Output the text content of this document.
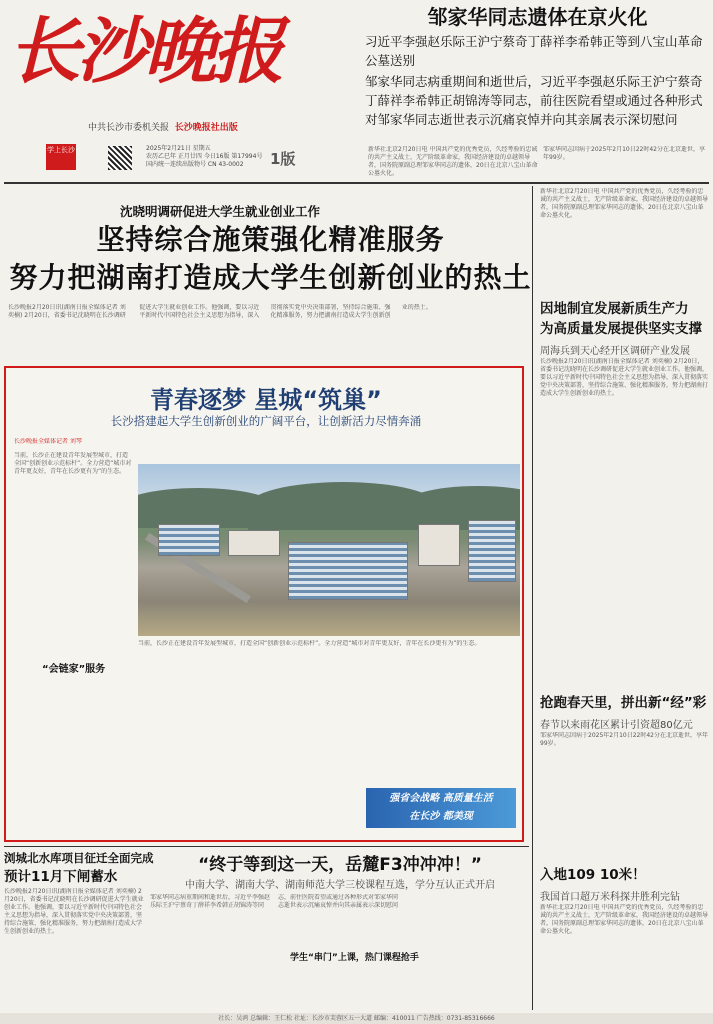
长沙晚报
中共长沙市委机关报 长沙晚报社出版
学上长沙	2025年2月21日 星期五
农历乙巳年 正月廿四 今日16版 第17994号
国内统一连续出版物号 CN 43-0002	1版
邹家华同志遗体在京火化
习近平李强赵乐际王沪宁蔡奇丁薛祥李希韩正等到八宝山革命公墓送别
邹家华同志病重期间和逝世后，习近平李强赵乐际王沪宁蔡奇丁薛祥李希韩正胡锦涛等同志，前往医院看望或通过各种形式对邹家华同志逝世表示沉痛哀悼并向其亲属表示深切慰问
新华社北京2月20日电 中国共产党的优秀党员，久经考验的忠诚的共产主义战士，无产阶级革命家，我国经济建设的卓越领导者，国务院原副总理邹家华同志的遗体，20日在北京八宝山革命公墓火化。
邹家华同志因病于2025年2月10日22时42分在北京逝世，享年99岁。
沈晓明调研促进大学生就业创业工作
坚持综合施策强化精准服务
努力把湖南打造成大学生创新创业的热土
长沙晚报2月20日讯(湖南日报全媒体记者 刘奕楠) 2月20日，省委书记沈晓明在长沙调研促进大学生就业创业工作。他强调，要以习近平新时代中国特色社会主义思想为指导，深入贯彻落实党中央决策部署，坚持综合施策、强化精准服务，努力把湖南打造成大学生创新创业的热土。
青春逐梦 星城“筑巢”
长沙搭建起大学生创新创业的广阔平台，让创新活力尽情奔涌
长沙晚报全媒体记者 刘琴
当前，长沙正在建设青年发展型城市，打造全国“创新创业示范标杆”。全力营造“城市对青年更友好，青年在长沙更有为”的生态。
“会链家”服务
当前，长沙正在建设青年发展型城市，打造全国“创新创业示范标杆”。全力营造“城市对青年更友好，青年在长沙更有为”的生态。
强省会战略 高质量生活
在长沙 都美现
新华社北京2月20日电 中国共产党的优秀党员，久经考验的忠诚的共产主义战士，无产阶级革命家，我国经济建设的卓越领导者，国务院原副总理邹家华同志的遗体，20日在北京八宝山革命公墓火化。
因地制宜发展新质生产力
为高质量发展提供坚实支撑
周海兵到天心经开区调研产业发展
长沙晚报2月20日讯(湖南日报全媒体记者 刘奕楠) 2月20日，省委书记沈晓明在长沙调研促进大学生就业创业工作。他强调，要以习近平新时代中国特色社会主义思想为指导，深入贯彻落实党中央决策部署，坚持综合施策、强化精准服务，努力把湖南打造成大学生创新创业的热土。
抢跑春天里，拼出新“经”彩
春节以来雨花区累计引资超80亿元
邹家华同志因病于2025年2月10日22时42分在北京逝世，享年99岁。
入地109 10米！
我国首口超万米科探井胜利完钻
新华社北京2月20日电 中国共产党的优秀党员，久经考验的忠诚的共产主义战士，无产阶级革命家，我国经济建设的卓越领导者，国务院原副总理邹家华同志的遗体，20日在北京八宝山革命公墓火化。
浏城北水库项目征迁全面完成
预计11月下闸蓄水
长沙晚报2月20日讯(湖南日报全媒体记者 刘奕楠) 2月20日，省委书记沈晓明在长沙调研促进大学生就业创业工作。他强调，要以习近平新时代中国特色社会主义思想为指导，深入贯彻落实党中央决策部署，坚持综合施策、强化精准服务，努力把湖南打造成大学生创新创业的热土。
“终于等到这一天，岳麓F3冲冲冲！”
中南大学、湖南大学、湖南师范大学三校课程互选，学分互认正式开启
邹家华同志病重期间和逝世后，习近平李强赵乐际王沪宁蔡奇丁薛祥李希韩正胡锦涛等同志，前往医院看望或通过各种形式对邹家华同志逝世表示沉痛哀悼并向其亲属表示深切慰问
学生“串门”上课，热门课程抢手
社长：吴鸿 总编辑：王仁松 社址：长沙市芙蓉区五一大道 邮编：410011 广告热线：0731-85316666
